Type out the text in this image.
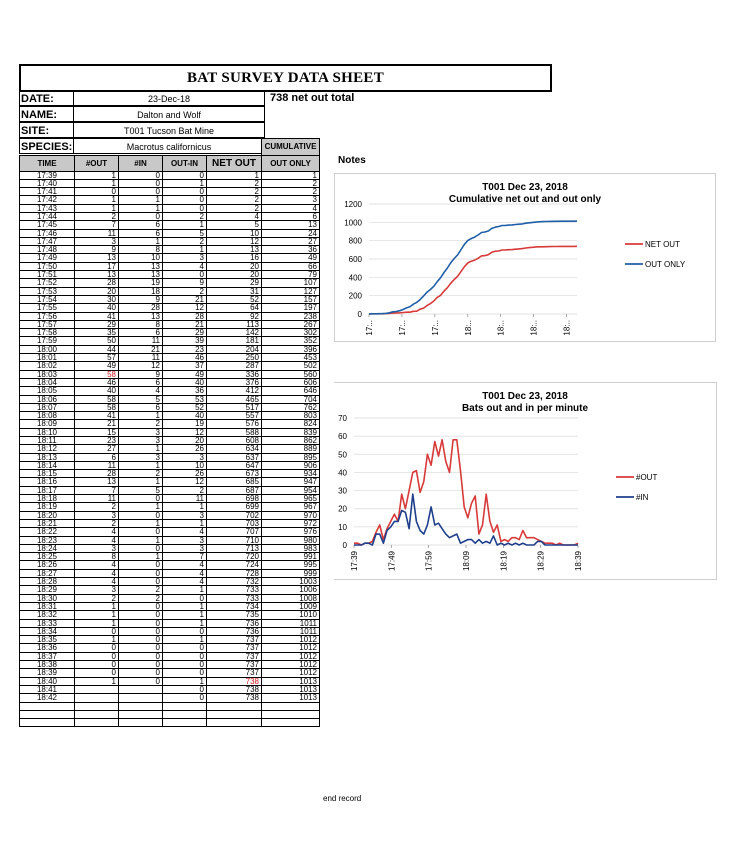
BAT SURVEY DATA SHEET
DATE:	23-Dec-18
NAME:	Dalton and Wolf
SITE:	T001 Tucson Bat Mine
SPECIES:	Macrotus californicus
738 net out total
Notes
					CUMULATIVE
TIME	#OUT	#IN	OUT-IN	NET OUT	OUT ONLY
17:39	1	0	0	1	1
17:40	1	0	1	2	2
17:41	0	0	0	2	2
17:42	1	1	0	2	3
17:43	1	1	0	2	4
17:44	2	0	2	4	6
17:45	7	6	1	5	13
17:46	11	6	5	10	24
17:47	3	1	2	12	27
17:48	9	8	1	13	36
17:49	13	10	3	16	49
17:50	17	13	4	20	66
17:51	13	13	0	20	79
17:52	28	19	9	29	107
17:53	20	18	2	31	127
17:54	30	9	21	52	157
17:55	40	28	12	64	197
17:56	41	13	28	92	238
17:57	29	8	21	113	267
17:58	35	6	29	142	302
17:59	50	11	39	181	352
18:00	44	21	23	204	396
18:01	57	11	46	250	453
18:02	49	12	37	287	502
18:03	58	9	49	336	560
18:04	46	6	40	376	606
18:05	40	4	36	412	646
18:06	58	5	53	465	704
18:07	58	6	52	517	762
18:08	41	1	40	557	803
18:09	21	2	19	576	824
18:10	15	3	12	588	839
18:11	23	3	20	608	862
18:12	27	1	26	634	889
18:13	6	3	3	637	895
18:14	11	1	10	647	906
18:15	28	2	26	673	934
18:16	13	1	12	685	947
18:17	7	5	2	687	954
18:18	11	0	11	698	965
18:19	2	1	1	699	967
18:20	3	0	3	702	970
18:21	2	1	1	703	972
18:22	4	0	4	707	976
18:23	4	1	3	710	980
18:24	3	0	3	713	983
18:25	8	1	7	720	991
18:26	4	0	4	724	995
18:27	4	0	4	728	999
18:28	4	0	4	732	1003
18:29	3	2	1	733	1006
18:30	2	2	0	733	1008
18:31	1	0	1	734	1009
18:32	1	0	1	735	1010
18:33	1	0	1	736	1011
18:34	0	0	0	736	1011
18:35	1	0	1	737	1012
18:36	0	0	0	737	1012
18:37	0	0	0	737	1012
18:38	0	0	0	737	1012
18:39	0	0	0	737	1012
18:40	1	0	1	738	1013
18:41			0	738	1013
18:42			0	738	1013

end record
T001 Dec 23, 2018
Cumulative net out and out only
0
200
400
600
800
1000
1200
17:..	17:..	17:..	18:..	18:..	18:..	18:..
NET OUT
OUT ONLY
T001 Dec 23, 2018
Bats out and in per minute
0
10
20
30
40
50
60
70
17:39	17:49	17:59	18:09	18:19	18:29	18:39
#OUT
#IN
